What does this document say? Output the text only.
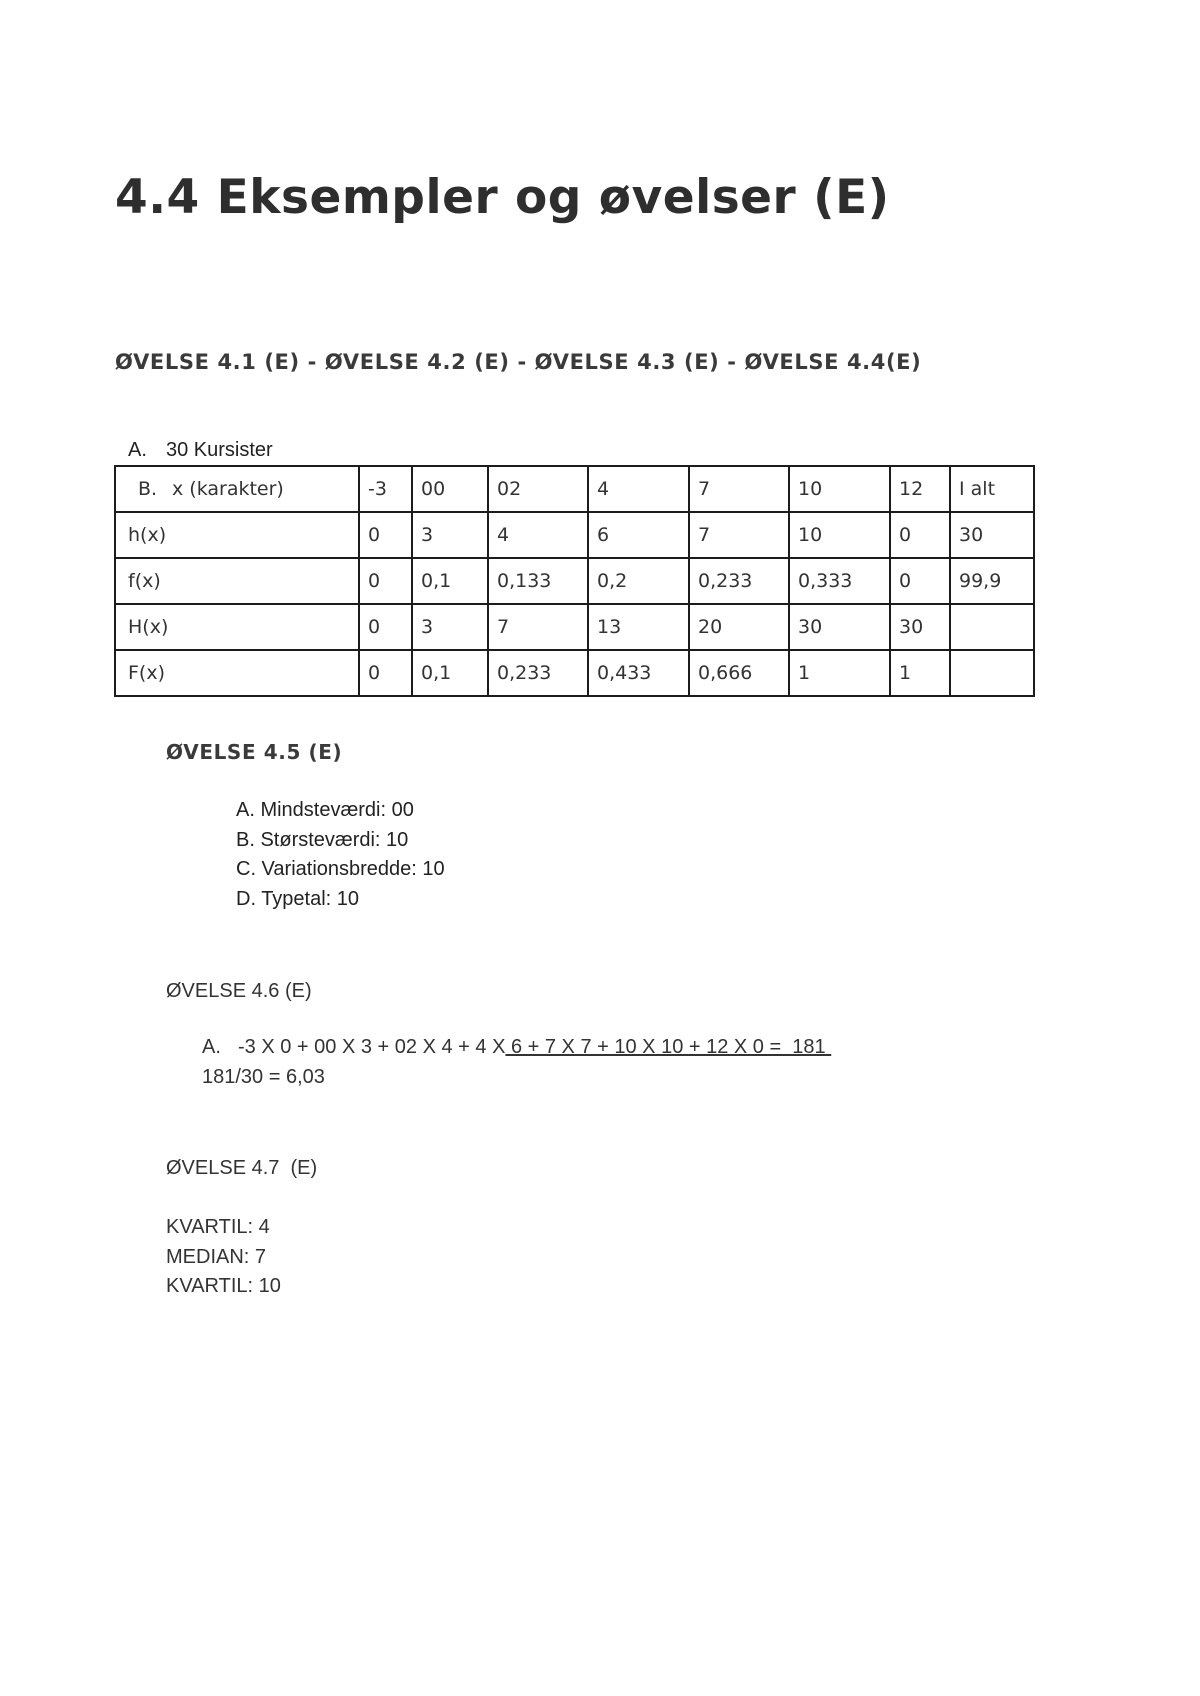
4.4 Eksempler og øvelser (E)
ØVELSE 4.1 (E) - ØVELSE 4.2 (E) - ØVELSE 4.3 (E) - ØVELSE 4.4(E)
A. 30 Kursister
B. x (karakter)	-3	00	02	4	7	10	12	I alt
h(x)	0	3	4	6	7	10	0	30
f(x)	0	0,1	0,133	0,2	0,233	0,333	0	99,9
H(x)	0	3	7	13	20	30	30	
F(x)	0	0,1	0,233	0,433	0,666	1	1	
ØVELSE 4.5 (E)
A. Mindsteværdi: 00
B. Størsteværdi: 10
C. Variationsbredde: 10
D. Typetal: 10
ØVELSE 4.6 (E)
A. -3 X 0 + 00 X 3 + 02 X 4 + 4 X 6 + 7 X 7 + 10 X 10 + 12 X 0 =  181
181/30 = 6,03
ØVELSE 4.7  (E)
KVARTIL: 4
MEDIAN: 7
KVARTIL: 10
